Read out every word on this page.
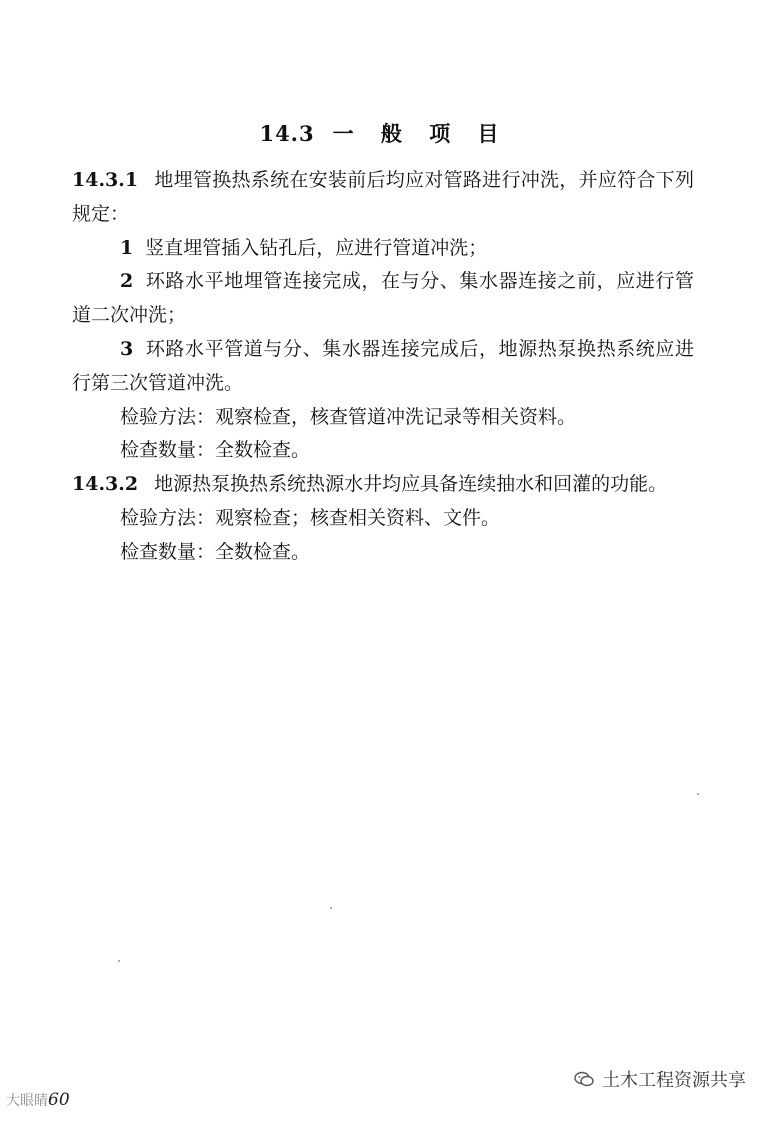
14.3 一 般 项 目

14.3.1 地埋管换热系统在安装前后均应对管路进行冲洗，并应符合下列规定：

1 竖直埋管插入钻孔后，应进行管道冲洗；

2 环路水平地埋管连接完成，在与分、集水器连接之前，应进行管道二次冲洗；

3 环路水平管道与分、集水器连接完成后，地源热泵换热系统应进行第三次管道冲洗。

检验方法：观察检查，核查管道冲洗记录等相关资料。

检查数量：全数检查。

14.3.2 地源热泵换热系统热源水井均应具备连续抽水和回灌的功能。

检验方法：观察检查；核查相关资料、文件。

检查数量：全数检查。

大眼睛60
土木工程资源共享
